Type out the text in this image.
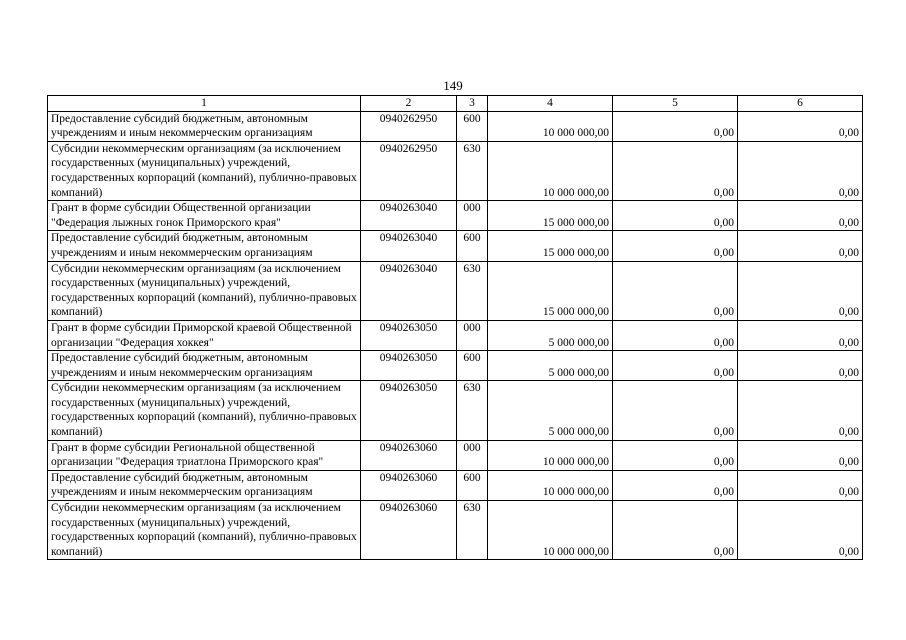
149
1	2	3	4	5	6
Предоставление субсидий бюджетным, автономным учреждениям и иным некоммерческим организациям	0940262950	600	10 000 000,00	0,00	0,00
Субсидии некоммерческим организациям (за исключением государственных (муниципальных) учреждений, государственных корпораций (компаний), публично-правовых компаний)	0940262950	630	10 000 000,00	0,00	0,00
Грант в форме субсидии Общественной организации "Федерация лыжных гонок Приморского края"	0940263040	000	15 000 000,00	0,00	0,00
Предоставление субсидий бюджетным, автономным учреждениям и иным некоммерческим организациям	0940263040	600	15 000 000,00	0,00	0,00
Субсидии некоммерческим организациям (за исключением государственных (муниципальных) учреждений, государственных корпораций (компаний), публично-правовых компаний)	0940263040	630	15 000 000,00	0,00	0,00
Грант в форме субсидии Приморской краевой Общественной организации "Федерация хоккея"	0940263050	000	5 000 000,00	0,00	0,00
Предоставление субсидий бюджетным, автономным учреждениям и иным некоммерческим организациям	0940263050	600	5 000 000,00	0,00	0,00
Субсидии некоммерческим организациям (за исключением государственных (муниципальных) учреждений, государственных корпораций (компаний), публично-правовых компаний)	0940263050	630	5 000 000,00	0,00	0,00
Грант в форме субсидии Региональной общественной организации "Федерация триатлона Приморского края"	0940263060	000	10 000 000,00	0,00	0,00
Предоставление субсидий бюджетным, автономным учреждениям и иным некоммерческим организациям	0940263060	600	10 000 000,00	0,00	0,00
Субсидии некоммерческим организациям (за исключением государственных (муниципальных) учреждений, государственных корпораций (компаний), публично-правовых компаний)	0940263060	630	10 000 000,00	0,00	0,00
